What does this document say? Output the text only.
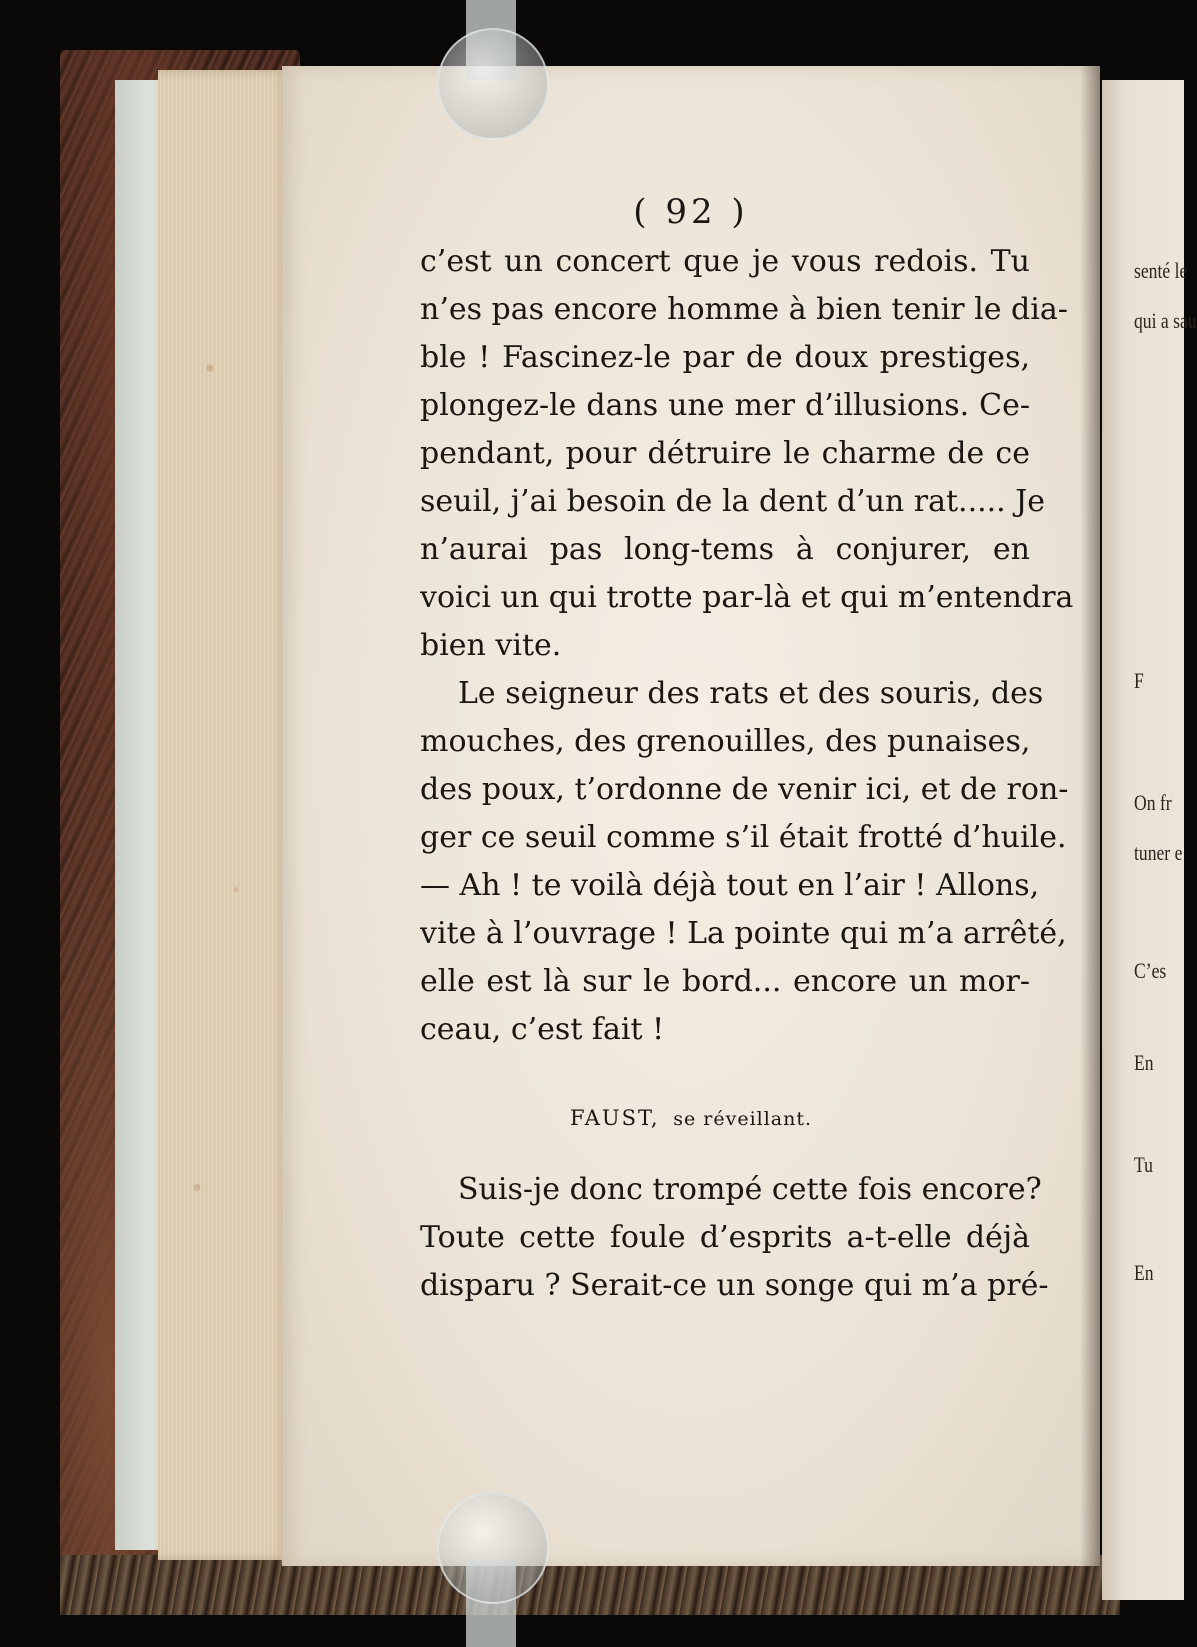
( 92 )
c’est un concert que je vous redois. Tu
n’es pas encore homme à bien tenir le dia-
ble ! Fascinez-le par de doux prestiges,
plongez-le dans une mer d’illusions. Ce-
pendant, pour détruire le charme de ce
seuil, j’ai besoin de la dent d’un rat..... Je
n’aurai pas long-tems à conjurer, en
voici un qui trotte par-là et qui m’entendra
bien vite.
Le seigneur des rats et des souris, des
mouches, des grenouilles, des punaises,
des poux, t’ordonne de venir ici, et de ron-
ger ce seuil comme s’il était frotté d’huile.
— Ah ! te voilà déjà tout en l’air ! Allons,
vite à l’ouvrage ! La pointe qui m’a arrêté,
elle est là sur le bord... encore un mor-
ceau, c’est fait !
FAUST, se réveillant.
Suis-je donc trompé cette fois encore?
Toute cette foule d’esprits a-t-elle déjà
disparu ? Serait-ce un songe qui m’a pré-
senté le
qui a sau
F
On fr
tuner e
C’es
En
Tu
En
